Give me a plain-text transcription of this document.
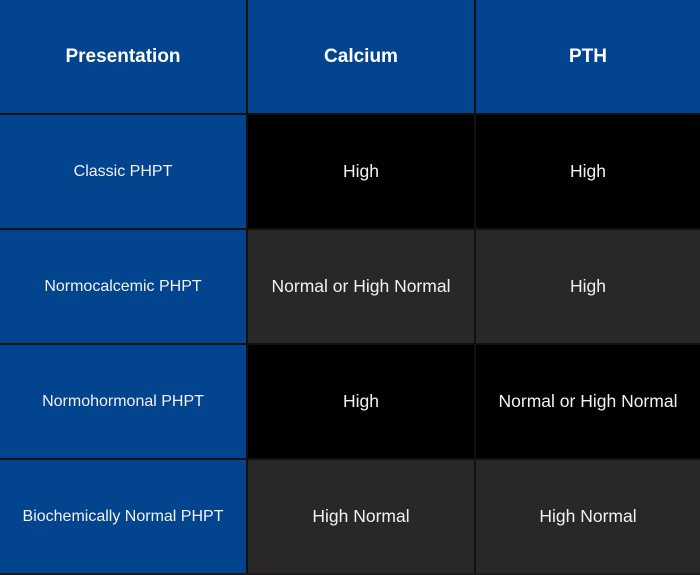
Presentation	Calcium	PTH
Classic PHPT	High	High
Normocalcemic PHPT	Normal or High Normal	High
Normohormonal PHPT	High	Normal or High Normal
Biochemically Normal PHPT	High Normal	High Normal
